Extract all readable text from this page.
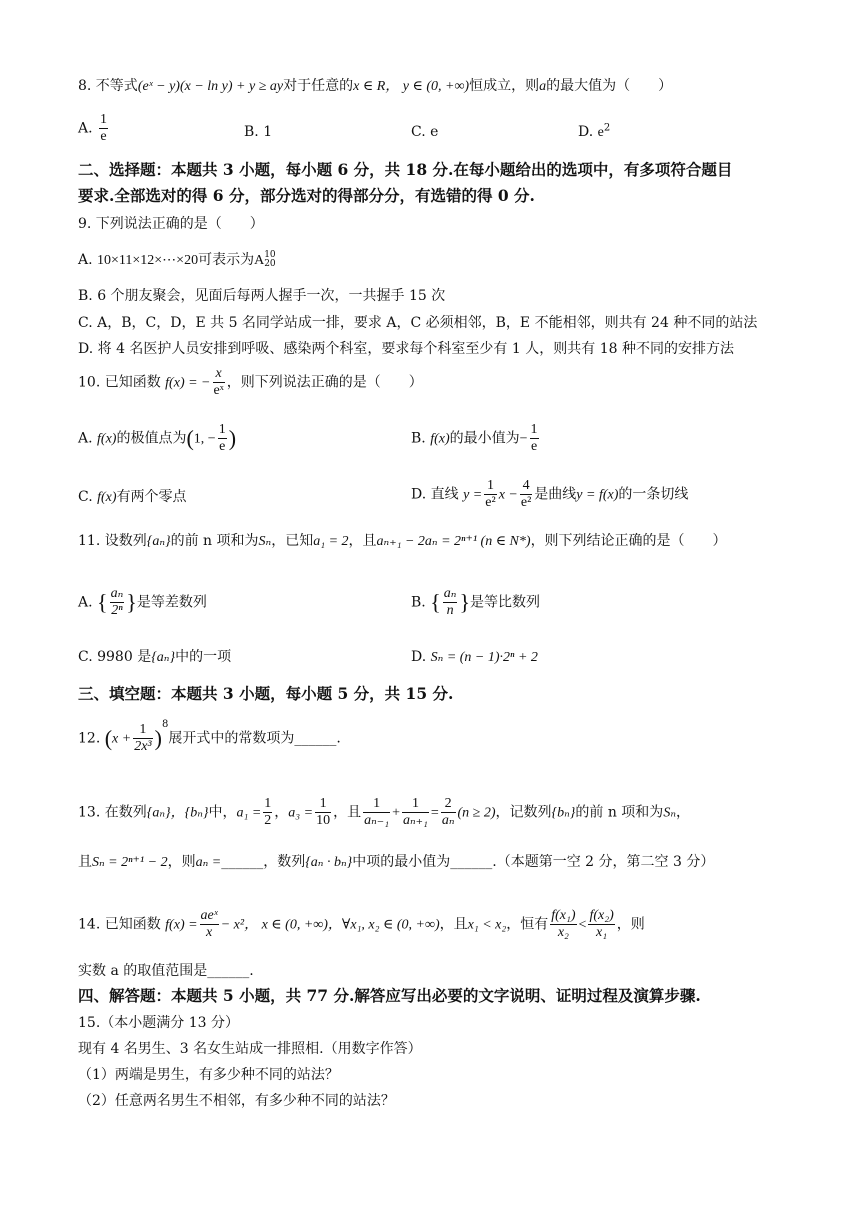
8. 不等式(eˣ − y)(x − ln y) + y ≥ ay对于任意的x ∈ R， y ∈ (0, +∞)恒成立，则a的最大值为（　　）
A. $\frac{1}{e}$	B. 1	C. e	D. $e^2$
二、选择题：本题共 3 小题，每小题 6 分，共 18 分.在每小题给出的选项中，有多项符合题目
要求.全部选对的得 6 分，部分选对的得部分分，有选错的得 0 分.
9. 下列说法正确的是（　　）
A. 10×11×12×⋯×20可表示为A 10
20
B. 6 个朋友聚会，见面后每两人握手一次，一共握手 15 次
C. A，B，C，D，E 共 5 名同学站成一排，要求 A，C 必须相邻，B，E 不能相邻，则共有 24 种不同的站法
D. 将 4 名医护人员安排到呼吸、感染两个科室，要求每个科室至少有 1 人，则共有 18 种不同的安排方法
10. 已知函数 f(x) = − $\frac{x}{\text{eˣ}}$ ，则下列说法正确的是（　　）
A. f(x)的极值点为(1, − $\frac{1}{e}$ )	B. f(x)的最小值为− $\frac{1}{e}$
C. f(x)有两个零点	D. 直线 $y = \frac{1}{\text{e²}}$ $x - \frac{4}{\text{e²}}$ 是曲线y = f(x)的一条切线
11. 设数列{aₙ}的前 n 项和为Sₙ，已知a₁ = 2，且aₙ₊₁ − 2aₙ = 2ⁿ⁺¹ (n ∈ N*)，则下列结论正确的是（　　）
A. { $\frac{\text{aₙ}}{\text{2ⁿ}}$ }是等差数列	B. { $\frac{\text{aₙ}}{n}$ }是等比数列
C. 9980 是{aₙ}中的一项	D. Sₙ = (n − 1)·2ⁿ + 2
三、填空题：本题共 3 小题，每小题 5 分，共 15 分.
12. $(x + \frac{1}{\text{2x³}} )^8$展开式中的常数项为______.
13. 在数列{aₙ}，{bₙ}中，$a_1 = \frac{1}{2}$ ，$a_3 = \frac{1}{10}$ ，且 $\frac{1}{\text{aₙ₋₁}} + \frac{1}{\text{aₙ₊₁}} = \frac{2}{\text{aₙ}} (n \ge 2)$，记数列{bₙ}的前 n 项和为Sₙ，
且Sₙ = 2ⁿ⁺¹ − 2，则aₙ =______，数列{aₙ · bₙ}中项的最小值为______.（本题第一空 2 分，第二空 3 分）
14. 已知函数 $f(x) = \frac{\text{aeˣ}}{x} - x^2$， x ∈ (0, +∞)，∀x₁, x₂ ∈ (0, +∞)，且x₁ < x₂，恒有 $\frac{\text{f(x₁)}}{\text{x₂}} < \frac{\text{f(x₂)}}{\text{x₁}}$ ，则
实数 a 的取值范围是______.
四、解答题：本题共 5 小题，共 77 分.解答应写出必要的文字说明、证明过程及演算步骤.
15.（本小题满分 13 分）
现有 4 名男生、3 名女生站成一排照相.（用数字作答）
（1）两端是男生，有多少种不同的站法？
（2）任意两名男生不相邻，有多少种不同的站法？
